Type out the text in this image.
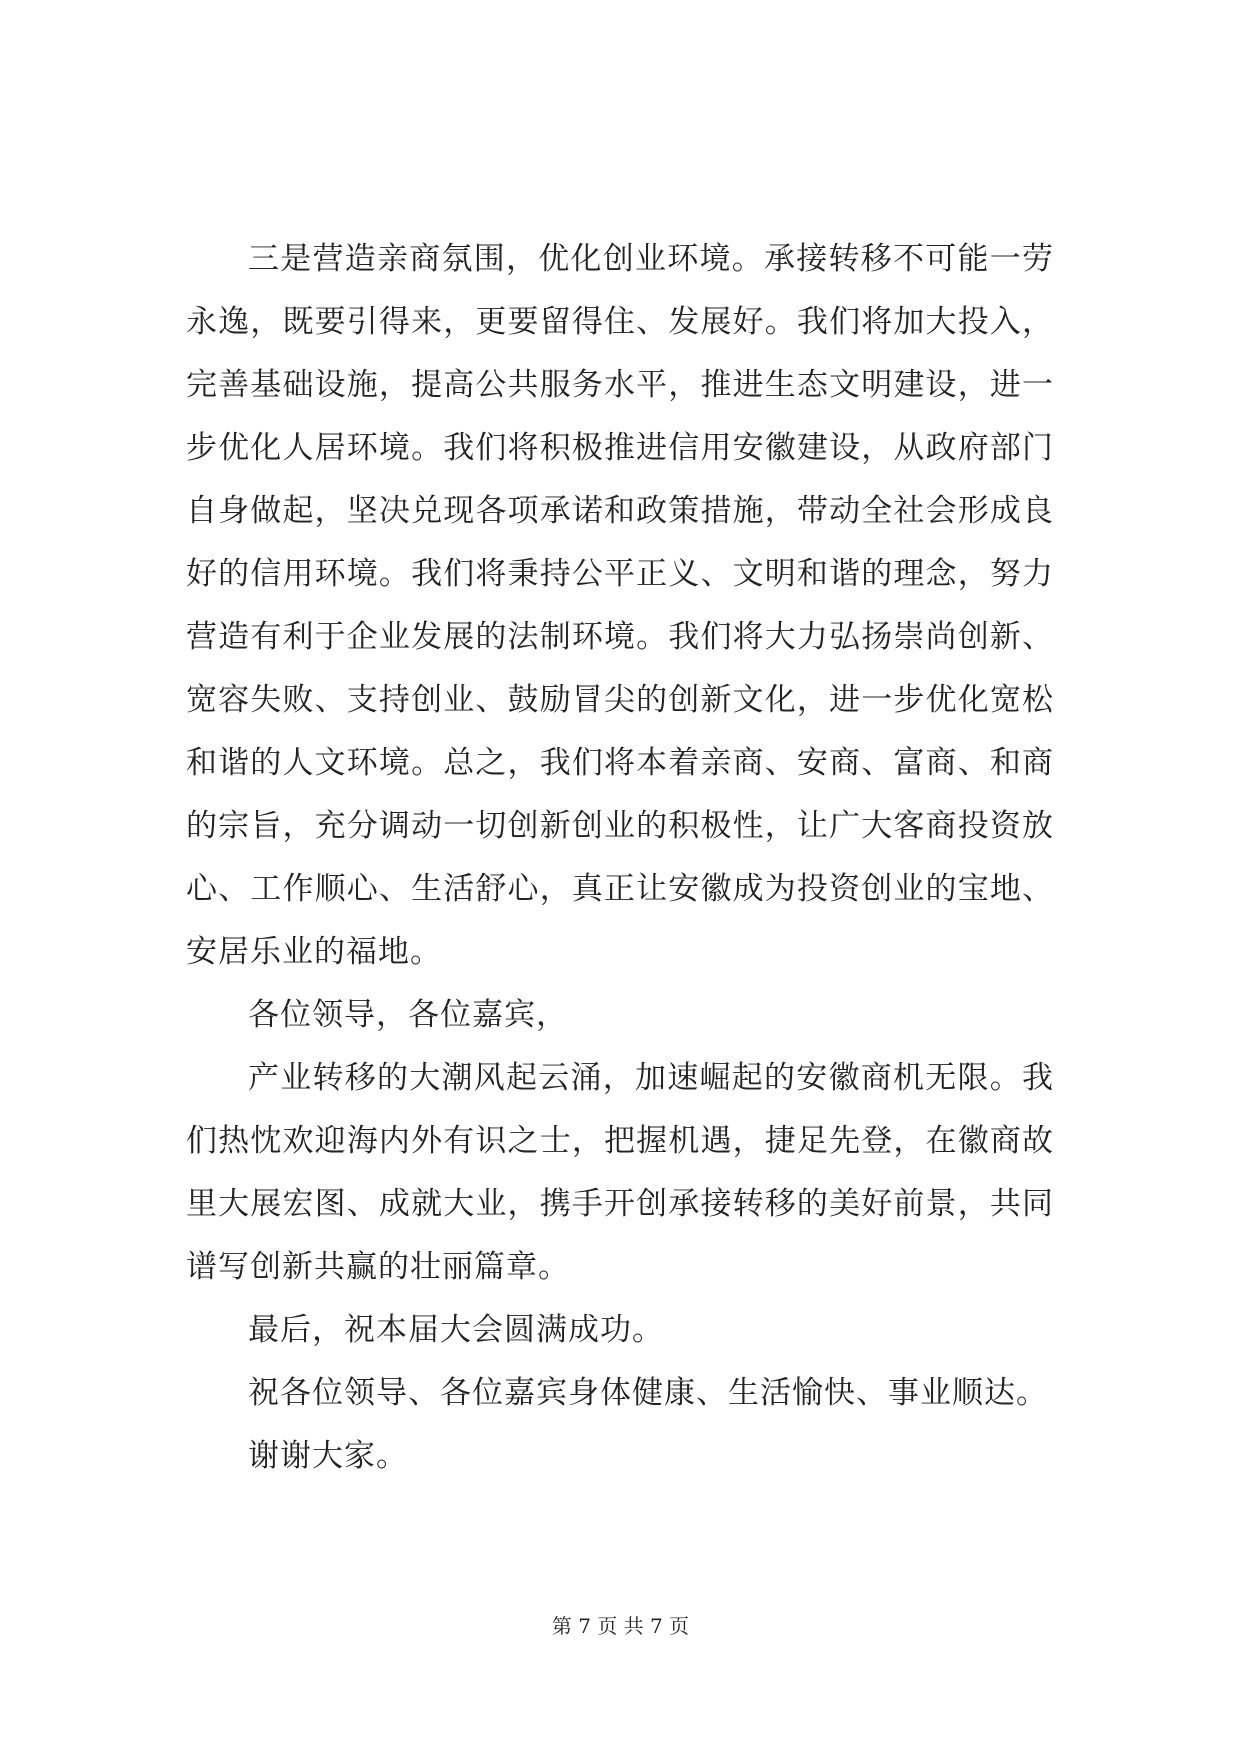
三是营造亲商氛围，优化创业环境。承接转移不可能一劳永逸，既要引得来，更要留得住、发展好。我们将加大投入，完善基础设施，提高公共服务水平，推进生态文明建设，进一步优化人居环境。我们将积极推进信用安徽建设，从政府部门自身做起，坚决兑现各项承诺和政策措施，带动全社会形成良好的信用环境。我们将秉持公平正义、文明和谐的理念，努力营造有利于企业发展的法制环境。我们将大力弘扬崇尚创新、宽容失败、支持创业、鼓励冒尖的创新文化，进一步优化宽松和谐的人文环境。总之，我们将本着亲商、安商、富商、和商的宗旨，充分调动一切创新创业的积极性，让广大客商投资放心、工作顺心、生活舒心，真正让安徽成为投资创业的宝地、安居乐业的福地。

各位领导，各位嘉宾，

产业转移的大潮风起云涌，加速崛起的安徽商机无限。我们热忱欢迎海内外有识之士，把握机遇，捷足先登，在徽商故里大展宏图、成就大业，携手开创承接转移的美好前景，共同谱写创新共赢的壮丽篇章。

最后，祝本届大会圆满成功。

祝各位领导、各位嘉宾身体健康、生活愉快、事业顺达。

谢谢大家。

第 7 页 共 7 页
